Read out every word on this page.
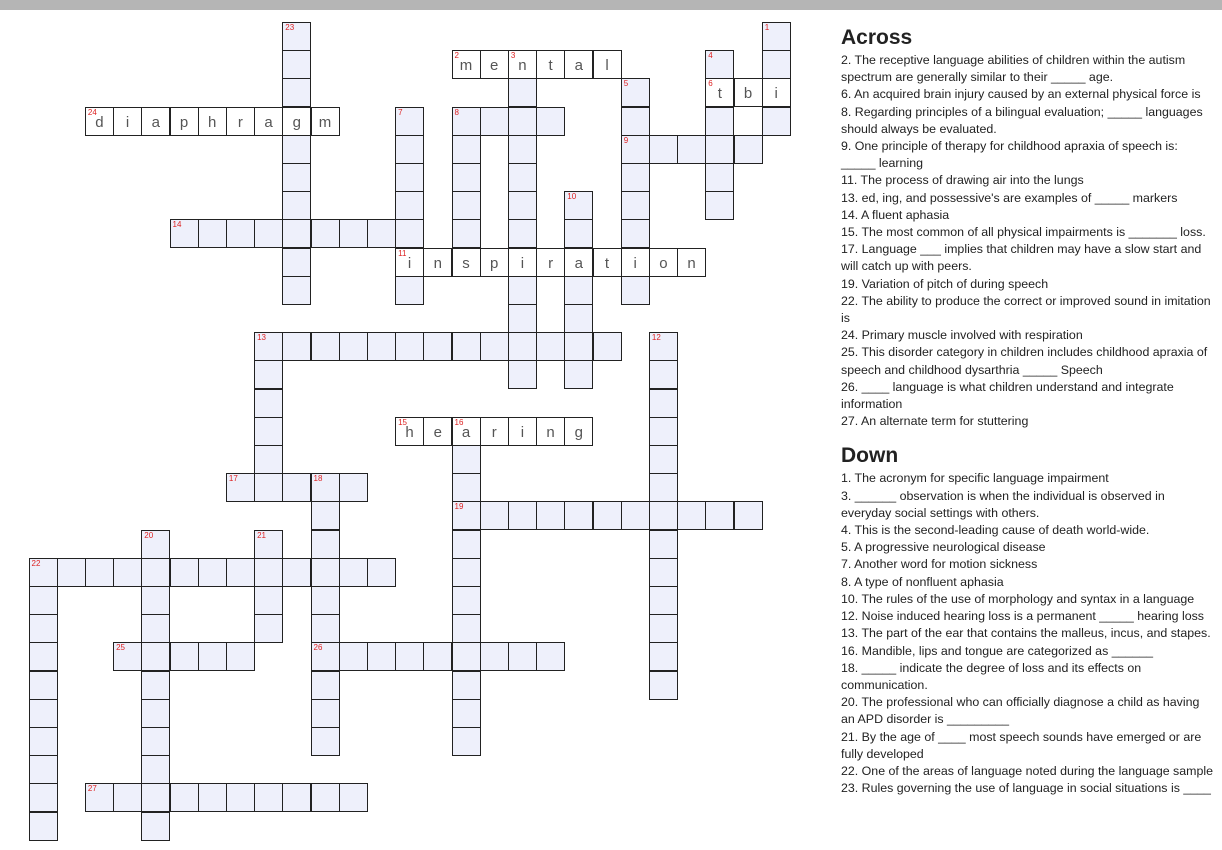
1
i
2
m	e
3
n	t	a	l
i
4
6
t
5
9
i
b
7
11
i
8
s
10
a
n	p	r	t	o	n
12
13
14
15
h	e
16
a	r	i	n	g
19
17	18
26
20	21
22
23
g
24
d	i	a	p	h	r	a	m
25
27
Across

2. The receptive language abilities of children within the autism spectrum are generally similar to their _____ age.

6. An acquired brain injury caused by an external physical force is

8. Regarding principles of a bilingual evaluation; _____ languages should always be evaluated.

9. One principle of therapy for childhood apraxia of speech is: _____ learning

11. The process of drawing air into the lungs

13. ed, ing, and possessive's are examples of _____ markers

14. A fluent aphasia

15. The most common of all physical impairments is _______ loss.

17. Language ___ implies that children may have a slow start and will catch up with peers.

19. Variation of pitch of during speech

22. The ability to produce the correct or improved sound in imitation is

24. Primary muscle involved with respiration

25. This disorder category in children includes childhood apraxia of speech and childhood dysarthria _____ Speech

26. ____ language is what children understand and integrate information

27. An alternate term for stuttering

Down

1. The acronym for specific language impairment

3. ______ observation is when the individual is observed in everyday social settings with others.

4. This is the second-leading cause of death world-wide.

5. A progressive neurological disease

7. Another word for motion sickness

8. A type of nonfluent aphasia

10. The rules of the use of morphology and syntax in a language

12. Noise induced hearing loss is a permanent _____ hearing loss

13. The part of the ear that contains the malleus, incus, and stapes.

16. Mandible, lips and tongue are categorized as ______

18. _____ indicate the degree of loss and its effects on communication.

20. The professional who can officially diagnose a child as having an APD disorder is _________

21. By the age of ____ most speech sounds have emerged or are fully developed

22. One of the areas of language noted during the language sample

23. Rules governing the use of language in social situations is ____
